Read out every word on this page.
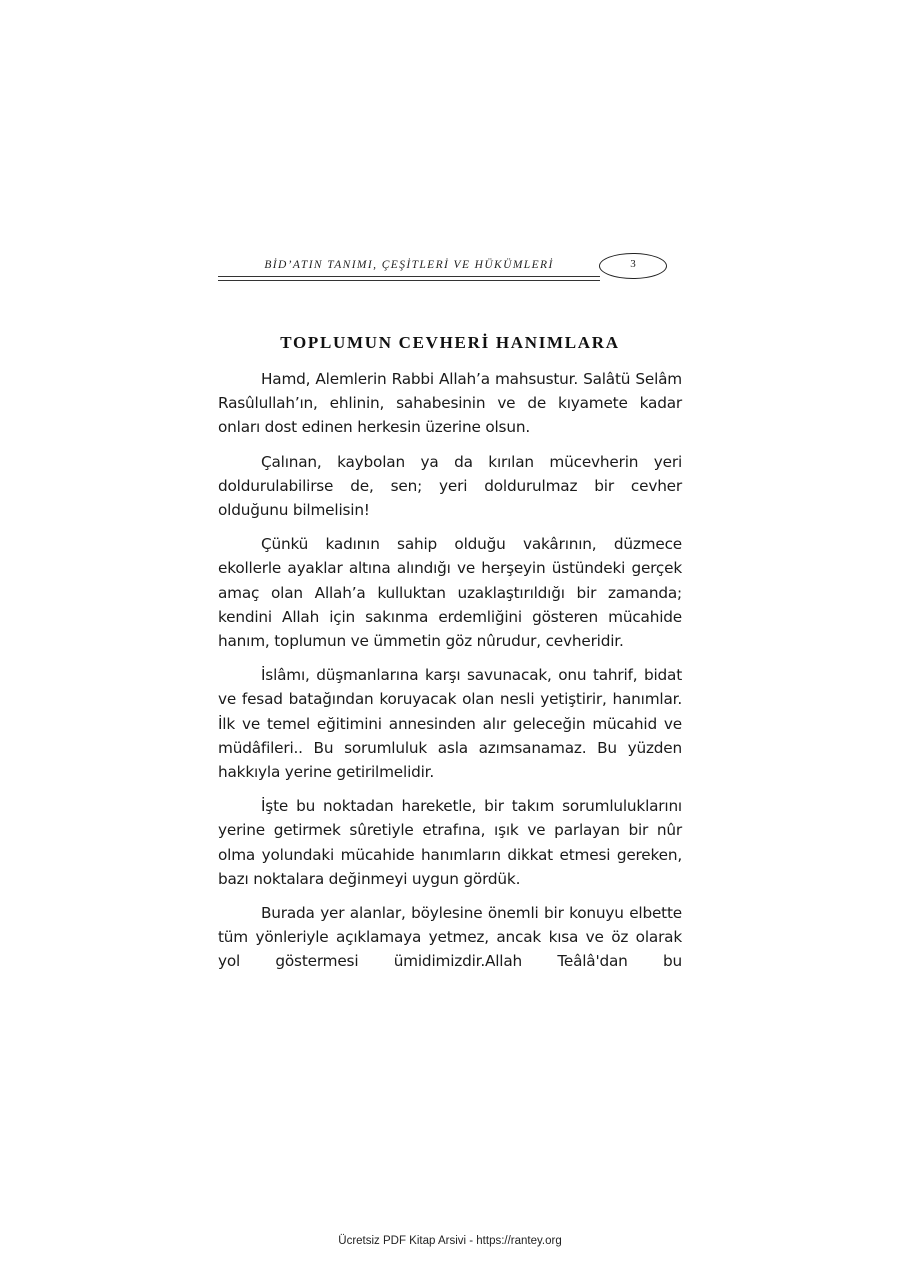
BİD’ATIN TANIMI, ÇEŞİTLERİ VE HÜKÜMLERİ	3
TOPLUMUN CEVHERİ HANIMLARA

Hamd, Alemlerin Rabbi Allah’a mahsustur. Salâtü Selâm Rasûlullah’ın, ehlinin, sahabesinin ve de kıyamete kadar onları dost edinen herkesin üzerine olsun.

Çalınan, kaybolan ya da kırılan mücevherin yeri doldurulabilirse de, sen; yeri doldurulmaz bir cevher olduğunu bilmelisin!

Çünkü kadının sahip olduğu vakârının, düzmece ekollerle ayaklar altına alındığı ve herşeyin üstündeki gerçek amaç olan Allah’a kulluktan uzaklaştırıldığı bir zamanda; kendini Allah için sakınma erdemliğini gösteren mücahide hanım, toplumun ve ümmetin göz nûrudur, cevheridir.

İslâmı, düşmanlarına karşı savunacak, onu tahrif, bidat ve fesad batağından koruyacak olan nesli yetiştirir, hanımlar. İlk ve temel eğitimini annesinden alır geleceğin mücahid ve müdâfileri.. Bu sorumluluk asla azımsanamaz. Bu yüzden hakkıyla yerine getirilmelidir.

İşte bu noktadan hareketle, bir takım sorumluluklarını yerine getirmek sûretiyle etrafına, ışık ve parlayan bir nûr olma yolundaki mücahide hanımların dikkat etmesi gereken, bazı noktalara değinmeyi uygun gördük.

Burada yer alanlar, böylesine önemli bir konuyu elbette tüm yönleriyle açıklamaya yetmez, ancak kısa ve öz olarak yol göstermesi ümidimizdir.Allah Teâlâ'dan bu

Ücretsiz PDF Kitap Arsivi - https://rantey.org
